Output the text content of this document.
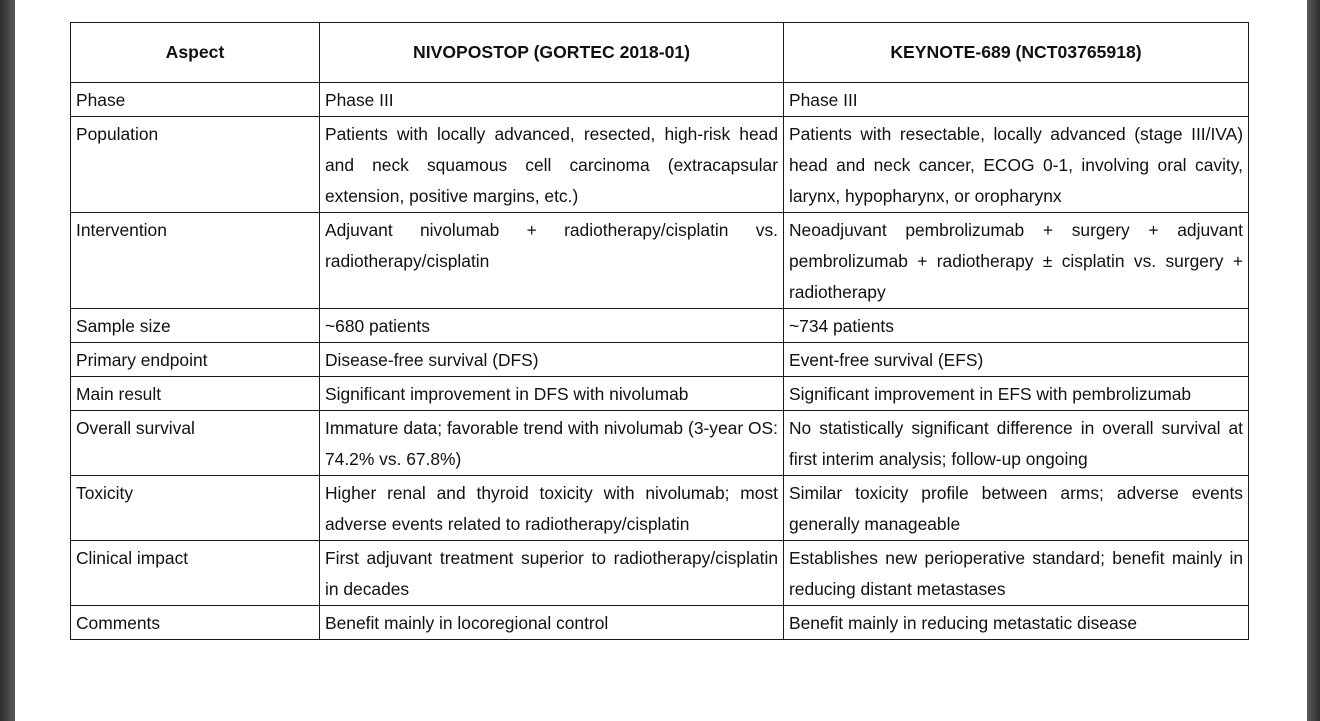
Aspect	NIVOPOSTOP (GORTEC 2018-01)	KEYNOTE-689 (NCT03765918)
Phase	Phase III	Phase III
Population	Patients with locally advanced, resected, high-risk head and neck squamous cell carcinoma (extracapsular extension, positive margins, etc.)	Patients with resectable, locally advanced (stage III/IVA) head and neck cancer, ECOG 0-1, involving oral cavity, larynx, hypopharynx, or oropharynx
Intervention	Adjuvant nivolumab + radiotherapy/cisplatin vs. radiotherapy/cisplatin	Neoadjuvant pembrolizumab + surgery + adjuvant pembrolizumab + radiotherapy ± cisplatin vs. surgery + radiotherapy
Sample size	~680 patients	~734 patients
Primary endpoint	Disease-free survival (DFS)	Event-free survival (EFS)
Main result	Significant improvement in DFS with nivolumab	Significant improvement in EFS with pembrolizumab
Overall survival	Immature data; favorable trend with nivolumab (3-year OS: 74.2% vs. 67.8%)	No statistically significant difference in overall survival at first interim analysis; follow-up ongoing
Toxicity	Higher renal and thyroid toxicity with nivolumab; most adverse events related to radiotherapy/cisplatin	Similar toxicity profile between arms; adverse events generally manageable
Clinical impact	First adjuvant treatment superior to radiotherapy/cisplatin in decades	Establishes new perioperative standard; benefit mainly in reducing distant metastases
Comments	Benefit mainly in locoregional control	Benefit mainly in reducing metastatic disease
